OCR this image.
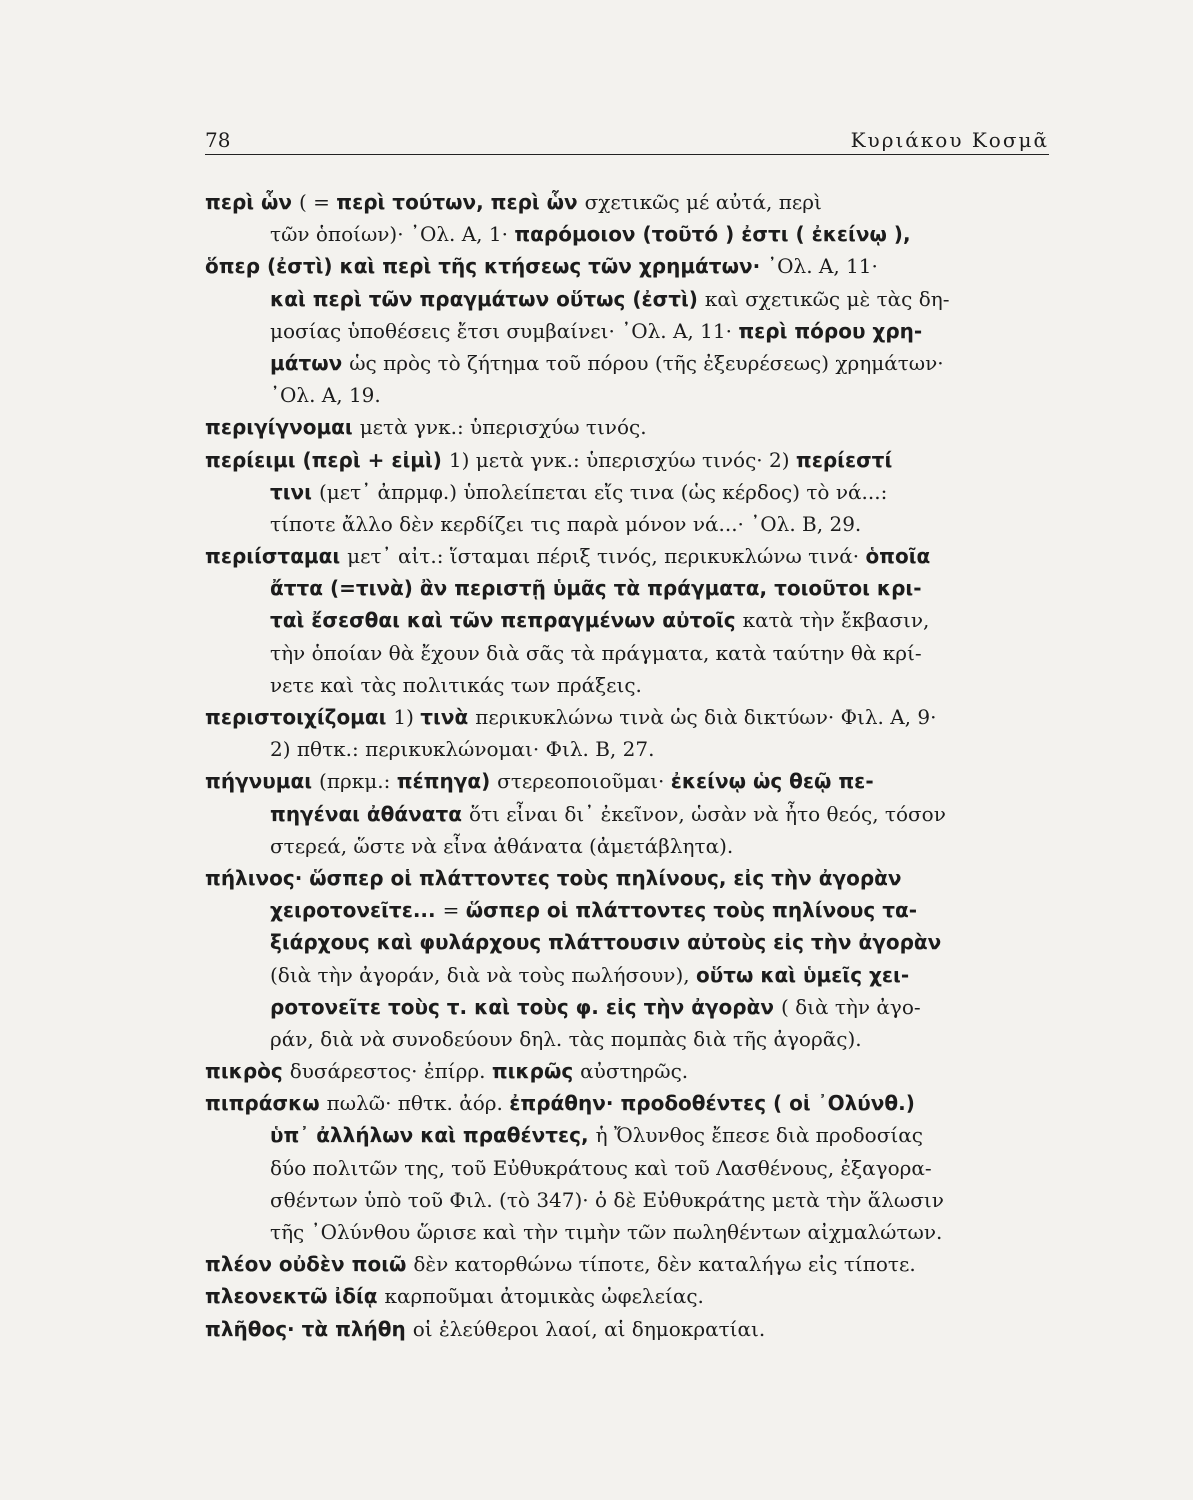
78	Κυριάκου Κοσμᾶ
περὶ ὧν ( = περὶ τούτων, περὶ ὧν σχετικῶς μέ αὐτά, περὶ
τῶν ὁποίων)· ᾿Ολ. Α, 1· παρόμοιον (τοῦτό ) ἐστι ( ἐκείνῳ ),
ὅπερ (ἐστὶ) καὶ περὶ τῆς κτήσεως τῶν χρημάτων· ᾿Ολ. Α, 11·
καὶ περὶ τῶν πραγμάτων οὕτως (ἐστὶ) καὶ σχετικῶς μὲ τὰς δη-
μοσίας ὑποθέσεις ἔτσι συμβαίνει· ᾿Ολ. Α, 11· περὶ πόρου χρη-
μάτων ὡς πρὸς τὸ ζήτημα τοῦ πόρου (τῆς ἐξευρέσεως) χρημάτων·
᾿Ολ. Α, 19.
περιγίγνομαι μετὰ γνκ.: ὑπερισχύω τινός.
περίειμι (περὶ + εἰμὶ) 1) μετὰ γνκ.: ὑπερισχύω τινός· 2) περίεστί
τινι (μετ᾿ ἀπρμφ.) ὑπολείπεται εἴς τινα (ὡς κέρδος) τὸ νά...:
τίποτε ἄλλο δὲν κερδίζει τις παρὰ μόνον νά...· ᾿Ολ. Β, 29.
περιίσταμαι μετ᾿ αἰτ.: ἵσταμαι πέριξ τινός, περικυκλώνω τινά· ὁποῖα
ἄττα (=τινὰ) ἂν περιστῇ ὑμᾶς τὰ πράγματα, τοιοῦτοι κρι-
ταὶ ἔσεσθαι καὶ τῶν πεπραγμένων αὐτοῖς κατὰ τὴν ἔκβασιν,
τὴν ὁποίαν θὰ ἔχουν διὰ σᾶς τὰ πράγματα, κατὰ ταύτην θὰ κρί-
νετε καὶ τὰς πολιτικάς των πράξεις.
περιστοιχίζομαι 1) τινὰ περικυκλώνω τινὰ ὡς διὰ δικτύων· Φιλ. Α, 9·
2) πθτκ.: περικυκλώνομαι· Φιλ. Β, 27.
πήγνυμαι (πρκμ.: πέπηγα) στερεοποιοῦμαι· ἐκείνῳ ὡς θεῷ πε-
πηγέναι ἀθάνατα ὅτι εἶναι δι᾿ ἐκεῖνον, ὡσὰν νὰ ἦτο θεός, τόσον
στερεά, ὥστε νὰ εἶνα ἀθάνατα (ἀμετάβλητα).
πήλινος· ὥσπερ οἱ πλάττοντες τοὺς πηλίνους, εἰς τὴν ἀγορὰν
χειροτονεῖτε... = ὥσπερ οἱ πλάττοντες τοὺς πηλίνους τα-
ξιάρχους καὶ φυλάρχους πλάττουσιν αὐτοὺς εἰς τὴν ἀγορὰν
(διὰ τὴν ἀγοράν, διὰ νὰ τοὺς πωλήσουν), οὕτω καὶ ὑμεῖς χει-
ροτονεῖτε τοὺς τ. καὶ τοὺς φ. εἰς τὴν ἀγορὰν ( διὰ τὴν ἀγο-
ράν, διὰ νὰ συνοδεύουν δηλ. τὰς πομπὰς διὰ τῆς ἀγορᾶς).
πικρὸς δυσάρεστος· ἐπίρρ. πικρῶς αὐστηρῶς.
πιπράσκω πωλῶ· πθτκ. ἀόρ. ἐπράθην· προδοθέντες ( οἱ ᾿Ολύνθ.)
ὑπ᾿ ἀλλήλων καὶ πραθέντες, ἡ Ὄλυνθος ἔπεσε διὰ προδοσίας
δύο πολιτῶν της, τοῦ Εὐθυκράτους καὶ τοῦ Λασθένους, ἐξαγορα-
σθέντων ὑπὸ τοῦ Φιλ. (τὸ 347)· ὁ δὲ Εὐθυκράτης μετὰ τὴν ἅλωσιν
τῆς ᾿Ολύνθου ὥρισε καὶ τὴν τιμὴν τῶν πωληθέντων αἰχμαλώτων.
πλέον οὐδὲν ποιῶ δὲν κατορθώνω τίποτε, δὲν καταλήγω εἰς τίποτε.
πλεονεκτῶ ἰδίᾳ καρποῦμαι ἀτομικὰς ὠφελείας.
πλῆθος· τὰ πλήθη οἱ ἐλεύθεροι λαοί, αἱ δημοκρατίαι.
